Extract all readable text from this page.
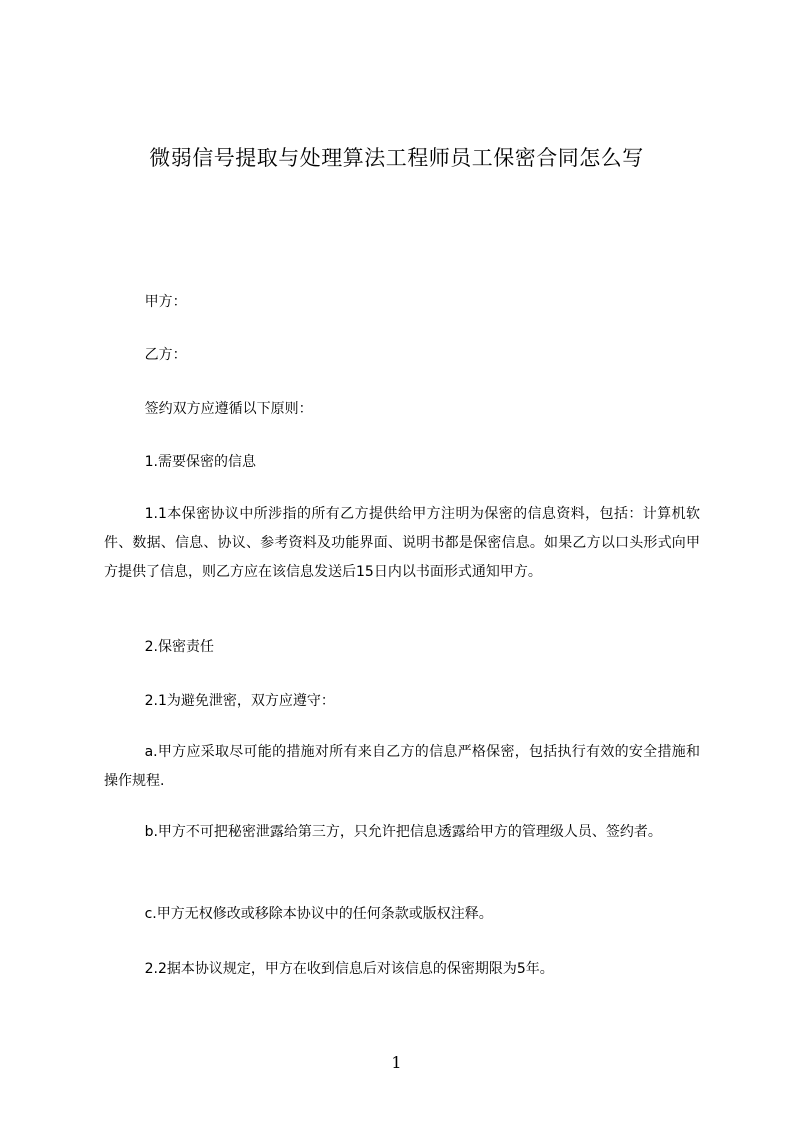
微弱信号提取与处理算法工程师员工保密合同怎么写
甲方：
乙方：
签约双方应遵循以下原则：
1.需要保密的信息
1.1本保密协议中所涉指的所有乙方提供给甲方注明为保密的信息资料，包括：计算机软件、数据、信息、协议、参考资料及功能界面、说明书都是保密信息。如果乙方以口头形式向甲方提供了信息，则乙方应在该信息发送后15日内以书面形式通知甲方。
2.保密责任
2.1为避免泄密，双方应遵守：
a.甲方应采取尽可能的措施对所有来自乙方的信息严格保密，包括执行有效的安全措施和操作规程.
b.甲方不可把秘密泄露给第三方，只允许把信息透露给甲方的管理级人员、签约者。
c.甲方无权修改或移除本协议中的任何条款或版权注释。
2.2据本协议规定，甲方在收到信息后对该信息的保密期限为5年。
1
